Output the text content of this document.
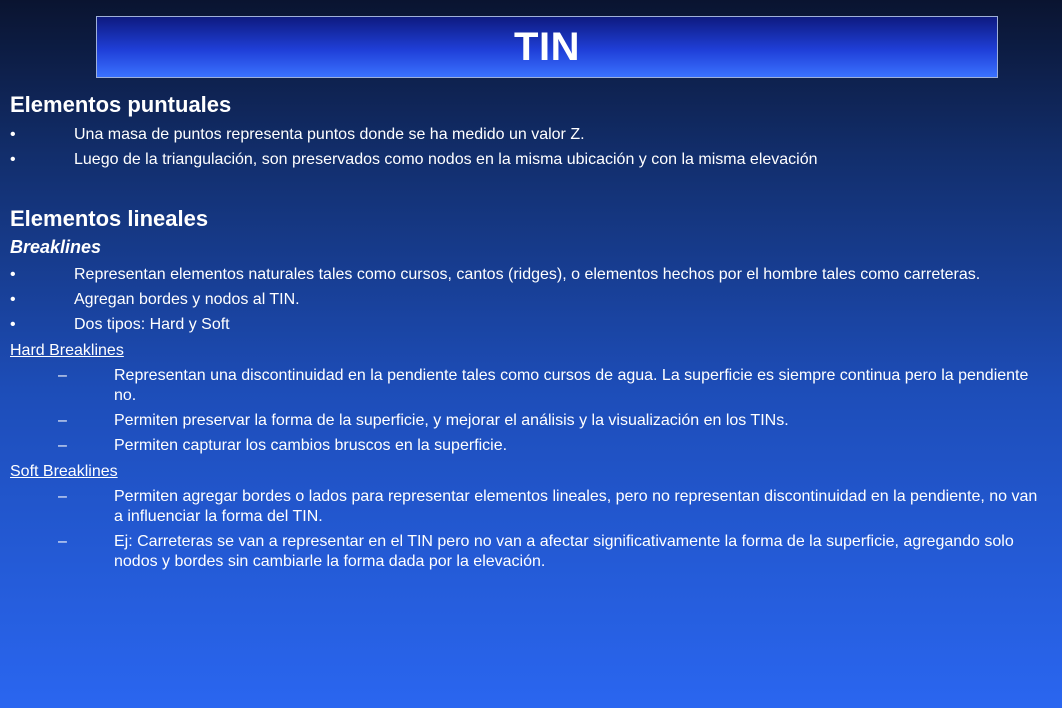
TIN
Elementos puntuales
•	Una masa de puntos representa puntos donde se ha medido un valor Z.
•	Luego de la triangulación, son preservados como nodos en la misma ubicación y con la misma elevación
Elementos lineales
Breaklines
•	Representan elementos naturales tales como cursos, cantos (ridges), o elementos hechos por el hombre tales como carreteras.
•	Agregan bordes y nodos al TIN.
•	Dos tipos: Hard y Soft
Hard Breaklines
–	Representan una discontinuidad en la pendiente tales como cursos de agua. La superficie es siempre continua pero la pendiente no.
–	Permiten preservar la forma de la superficie, y mejorar el análisis y la visualización en los TINs.
–	Permiten capturar los cambios bruscos en la superficie.
Soft Breaklines
–	Permiten agregar bordes o lados para representar elementos lineales, pero no representan discontinuidad en la pendiente, no van a influenciar la forma del TIN.
–	Ej: Carreteras se van a representar en el TIN pero no van a afectar significativamente la forma de la superficie, agregando solo nodos y bordes sin cambiarle la forma dada por la elevación.
